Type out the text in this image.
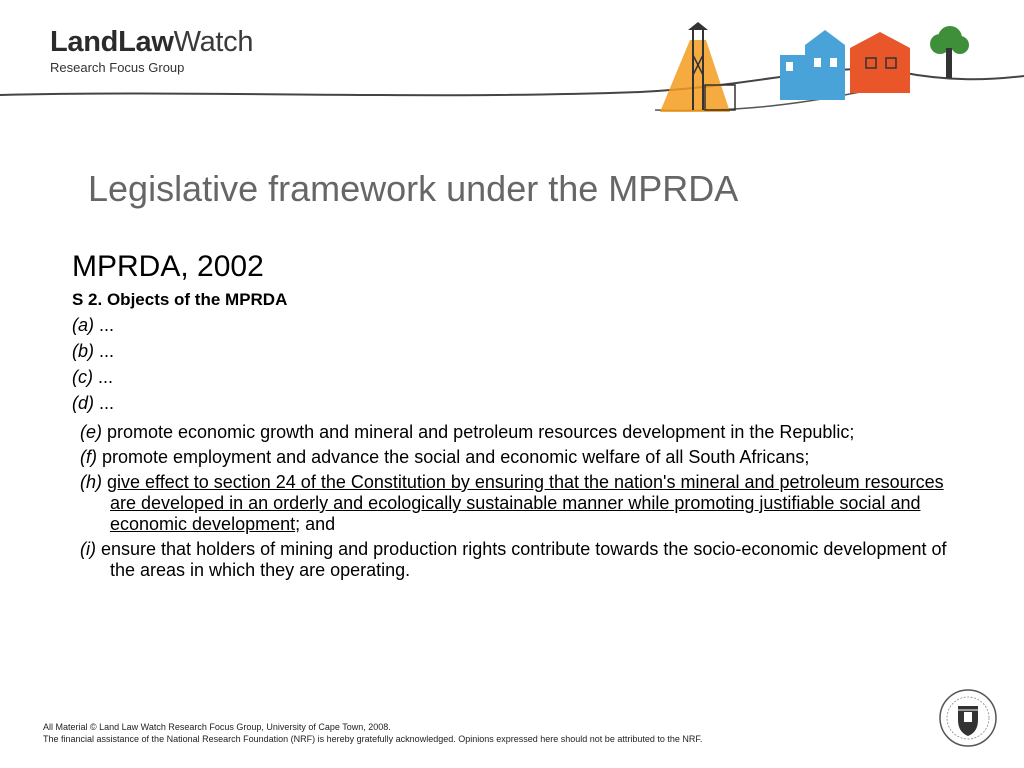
LandLawWatch
Research Focus Group
Legislative framework under the MPRDA
MPRDA, 2002
S 2. Objects of the MPRDA
(a) ...
(b) ...
(c) ...
(d) ...
(e) promote economic growth and mineral and petroleum resources development in the Republic;
(f) promote employment and advance the social and economic welfare of all South Africans;
(h) give effect to section 24 of the Constitution by ensuring that the nation's mineral and petroleum resources are developed in an orderly and ecologically sustainable manner while promoting justifiable social and economic development; and
(i) ensure that holders of mining and production rights contribute towards the socio-economic development of the areas in which they are operating.
All Material © Land Law Watch Research Focus Group, University of Cape Town, 2008.
The financial assistance of the National Research Foundation (NRF) is hereby gratefully acknowledged. Opinions expressed here should not be attributed to the NRF.
